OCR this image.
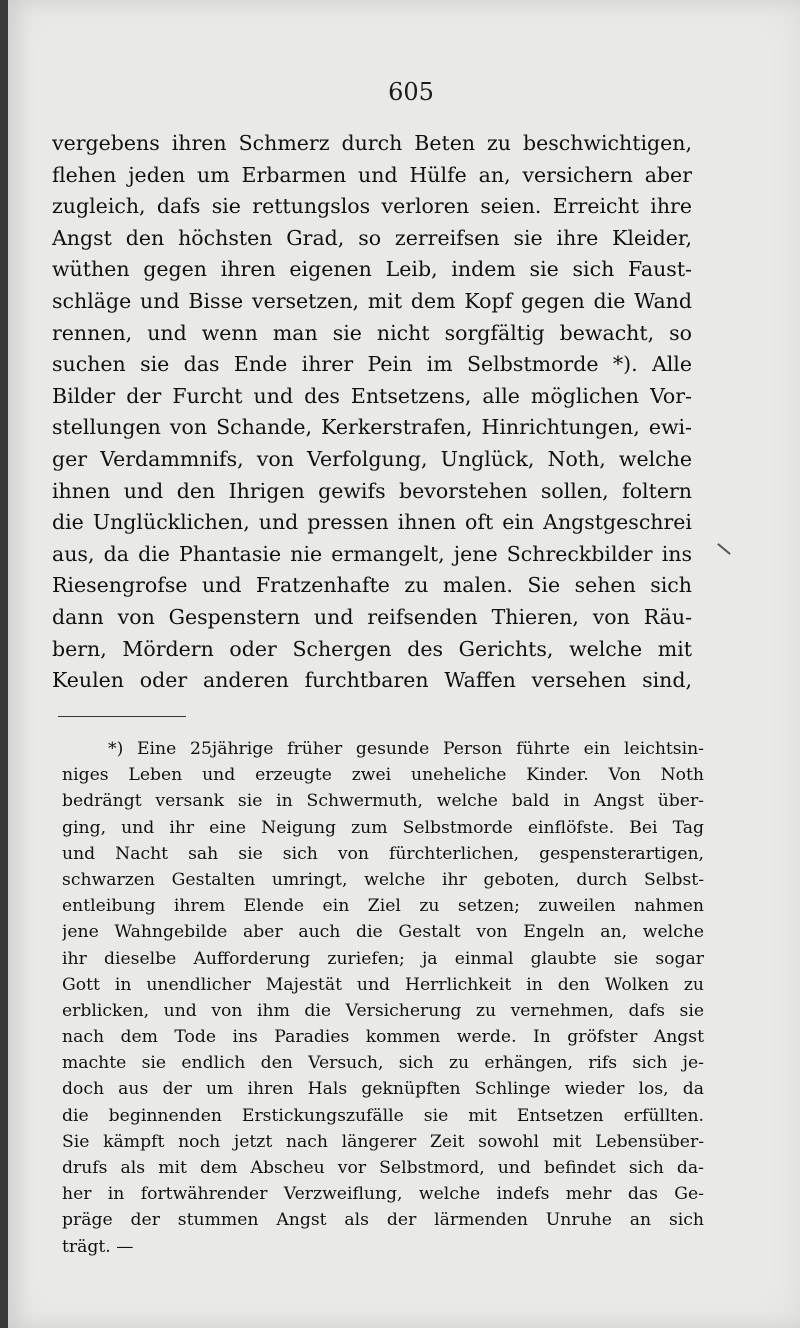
605
vergebens ihren Schmerz durch Beten zu beschwichtigen,
flehen jeden um Erbarmen und Hülfe an, versichern aber
zugleich, dafs sie rettungslos verloren seien. Erreicht ihre
Angst den höchsten Grad, so zerreifsen sie ihre Kleider,
wüthen gegen ihren eigenen Leib, indem sie sich Faust-
schläge und Bisse versetzen, mit dem Kopf gegen die Wand
rennen, und wenn man sie nicht sorgfältig bewacht, so
suchen sie das Ende ihrer Pein im Selbstmorde *). Alle
Bilder der Furcht und des Entsetzens, alle möglichen Vor-
stellungen von Schande, Kerkerstrafen, Hinrichtungen, ewi-
ger Verdammnifs, von Verfolgung, Unglück, Noth, welche
ihnen und den Ihrigen gewifs bevorstehen sollen, foltern
die Unglücklichen, und pressen ihnen oft ein Angstgeschrei
aus, da die Phantasie nie ermangelt, jene Schreckbilder ins
Riesengrofse und Fratzenhafte zu malen. Sie sehen sich
dann von Gespenstern und reifsenden Thieren, von Räu-
bern, Mördern oder Schergen des Gerichts, welche mit
Keulen oder anderen furchtbaren Waffen versehen sind,
*) Eine 25jährige früher gesunde Person führte ein leichtsin-
niges Leben und erzeugte zwei uneheliche Kinder. Von Noth
bedrängt versank sie in Schwermuth, welche bald in Angst über-
ging, und ihr eine Neigung zum Selbstmorde einflöfste. Bei Tag
und Nacht sah sie sich von fürchterlichen, gespensterartigen,
schwarzen Gestalten umringt, welche ihr geboten, durch Selbst-
entleibung ihrem Elende ein Ziel zu setzen; zuweilen nahmen
jene Wahngebilde aber auch die Gestalt von Engeln an, welche
ihr dieselbe Aufforderung zuriefen; ja einmal glaubte sie sogar
Gott in unendlicher Majestät und Herrlichkeit in den Wolken zu
erblicken, und von ihm die Versicherung zu vernehmen, dafs sie
nach dem Tode ins Paradies kommen werde. In gröfster Angst
machte sie endlich den Versuch, sich zu erhängen, rifs sich je-
doch aus der um ihren Hals geknüpften Schlinge wieder los, da
die beginnenden Erstickungszufälle sie mit Entsetzen erfüllten.
Sie kämpft noch jetzt nach längerer Zeit sowohl mit Lebensüber-
drufs als mit dem Abscheu vor Selbstmord, und befindet sich da-
her in fortwährender Verzweiflung, welche indefs mehr das Ge-
präge der stummen Angst als der lärmenden Unruhe an sich
trägt. —
